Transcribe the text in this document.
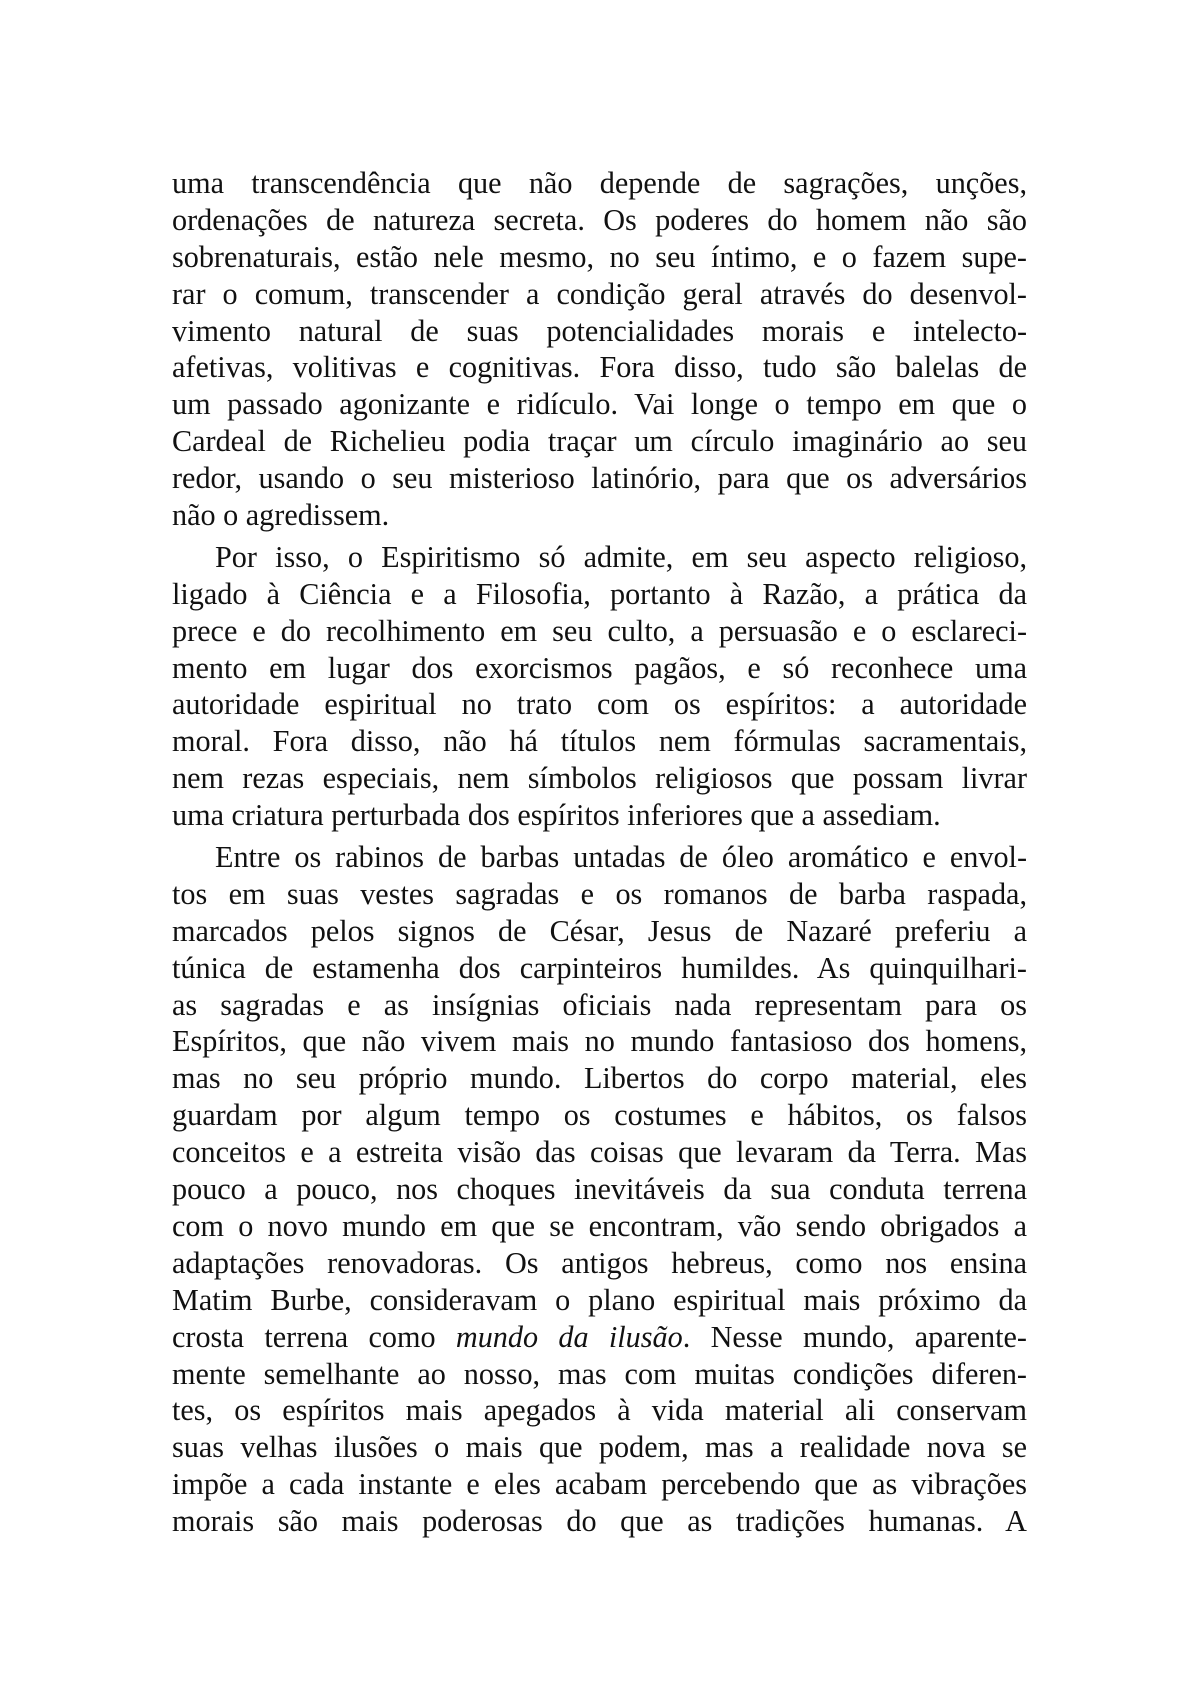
uma transcendência que não depende de sagrações, unções,
ordenações de natureza secreta. Os poderes do homem não são
sobrenaturais, estão nele mesmo, no seu íntimo, e o fazem supe-
rar o comum, transcender a condição geral através do desenvol-
vimento natural de suas potencialidades morais e intelecto-
afetivas, volitivas e cognitivas. Fora disso, tudo são balelas de
um passado agonizante e ridículo. Vai longe o tempo em que o
Cardeal de Richelieu podia traçar um círculo imaginário ao seu
redor, usando o seu misterioso latinório, para que os adversários
não o agredissem.
Por isso, o Espiritismo só admite, em seu aspecto religioso,
ligado à Ciência e a Filosofia, portanto à Razão, a prática da
prece e do recolhimento em seu culto, a persuasão e o esclareci-
mento em lugar dos exorcismos pagãos, e só reconhece uma
autoridade espiritual no trato com os espíritos: a autoridade
moral. Fora disso, não há títulos nem fórmulas sacramentais,
nem rezas especiais, nem símbolos religiosos que possam livrar
uma criatura perturbada dos espíritos inferiores que a assediam.
Entre os rabinos de barbas untadas de óleo aromático e envol-
tos em suas vestes sagradas e os romanos de barba raspada,
marcados pelos signos de César, Jesus de Nazaré preferiu a
túnica de estamenha dos carpinteiros humildes. As quinquilhari-
as sagradas e as insígnias oficiais nada representam para os
Espíritos, que não vivem mais no mundo fantasioso dos homens,
mas no seu próprio mundo. Libertos do corpo material, eles
guardam por algum tempo os costumes e hábitos, os falsos
conceitos e a estreita visão das coisas que levaram da Terra. Mas
pouco a pouco, nos choques inevitáveis da sua conduta terrena
com o novo mundo em que se encontram, vão sendo obrigados a
adaptações renovadoras. Os antigos hebreus, como nos ensina
Matim Burbe, consideravam o plano espiritual mais próximo da
crosta terrena como mundo da ilusão. Nesse mundo, aparente-
mente semelhante ao nosso, mas com muitas condições diferen-
tes, os espíritos mais apegados à vida material ali conservam
suas velhas ilusões o mais que podem, mas a realidade nova se
impõe a cada instante e eles acabam percebendo que as vibrações
morais são mais poderosas do que as tradições humanas. A
